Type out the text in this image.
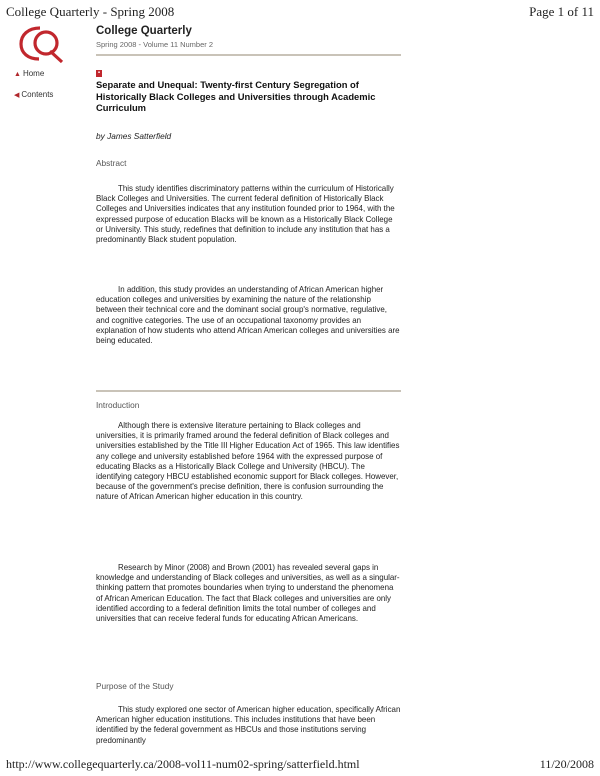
College Quarterly - Spring 2008	Page 1 of 11
College Quarterly
Spring 2008 - Volume 11 Number 2
▲ Home
◀ Contents
▪
Separate and Unequal: Twenty-first Century Segregation of Historically Black Colleges and Universities through Academic Curriculum

by James Satterfield

Abstract

This study identifies discriminatory patterns within the curriculum of Historically Black Colleges and Universities. The current federal definition of Historically Black Colleges and Universities indicates that any institution founded prior to 1964, with the expressed purpose of education Blacks will be known as a Historically Black College or University. This study, redefines that definition to include any institution that has a predominantly Black student population.

In addition, this study provides an understanding of African American higher education colleges and universities by examining the nature of the relationship between their technical core and the dominant social group's normative, regulative, and cognitive categories. The use of an occupational taxonomy provides an explanation of how students who attend African American colleges and universities are being educated.

Introduction

Although there is extensive literature pertaining to Black colleges and universities, it is primarily framed around the federal definition of Black colleges and universities established by the Title III Higher Education Act of 1965. This law identifies any college and university established before 1964 with the expressed purpose of educating Blacks as a Historically Black College and University (HBCU). The identifying category HBCU established economic support for Black colleges. However, because of the government's precise definition, there is confusion surrounding the nature of African American higher education in this country.

Research by Minor (2008) and Brown (2001) has revealed several gaps in knowledge and understanding of Black colleges and universities, as well as a singular-thinking pattern that promotes boundaries when trying to understand the phenomena of African American Education. The fact that Black colleges and universities are only identified according to a federal definition limits the total number of colleges and universities that can receive federal funds for educating African Americans.

Purpose of the Study

This study explored one sector of American higher education, specifically African American higher education institutions. This includes institutions that have been identified by the federal government as HBCUs and those institutions serving predominantly

http://www.collegequarterly.ca/2008-vol11-num02-spring/satterfield.html	11/20/2008
